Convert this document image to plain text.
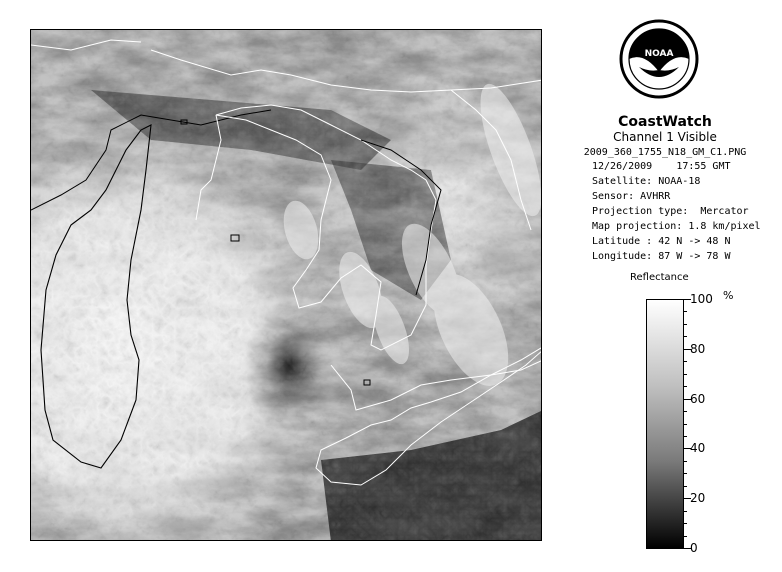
NOAA
CoastWatch
Channel 1 Visible
2009_360_1755_N18_GM_C1.PNG
12/26/2009 17:55 GMT
Satellite: NOAA-18
Sensor: AVHRR
Projection type:  Mercator
Map projection: 1.8 km/pixel
Latitude : 42 N -> 48 N
Longitude: 87 W -> 78 W
Reflectance
%
100
80
60
40
20
0
